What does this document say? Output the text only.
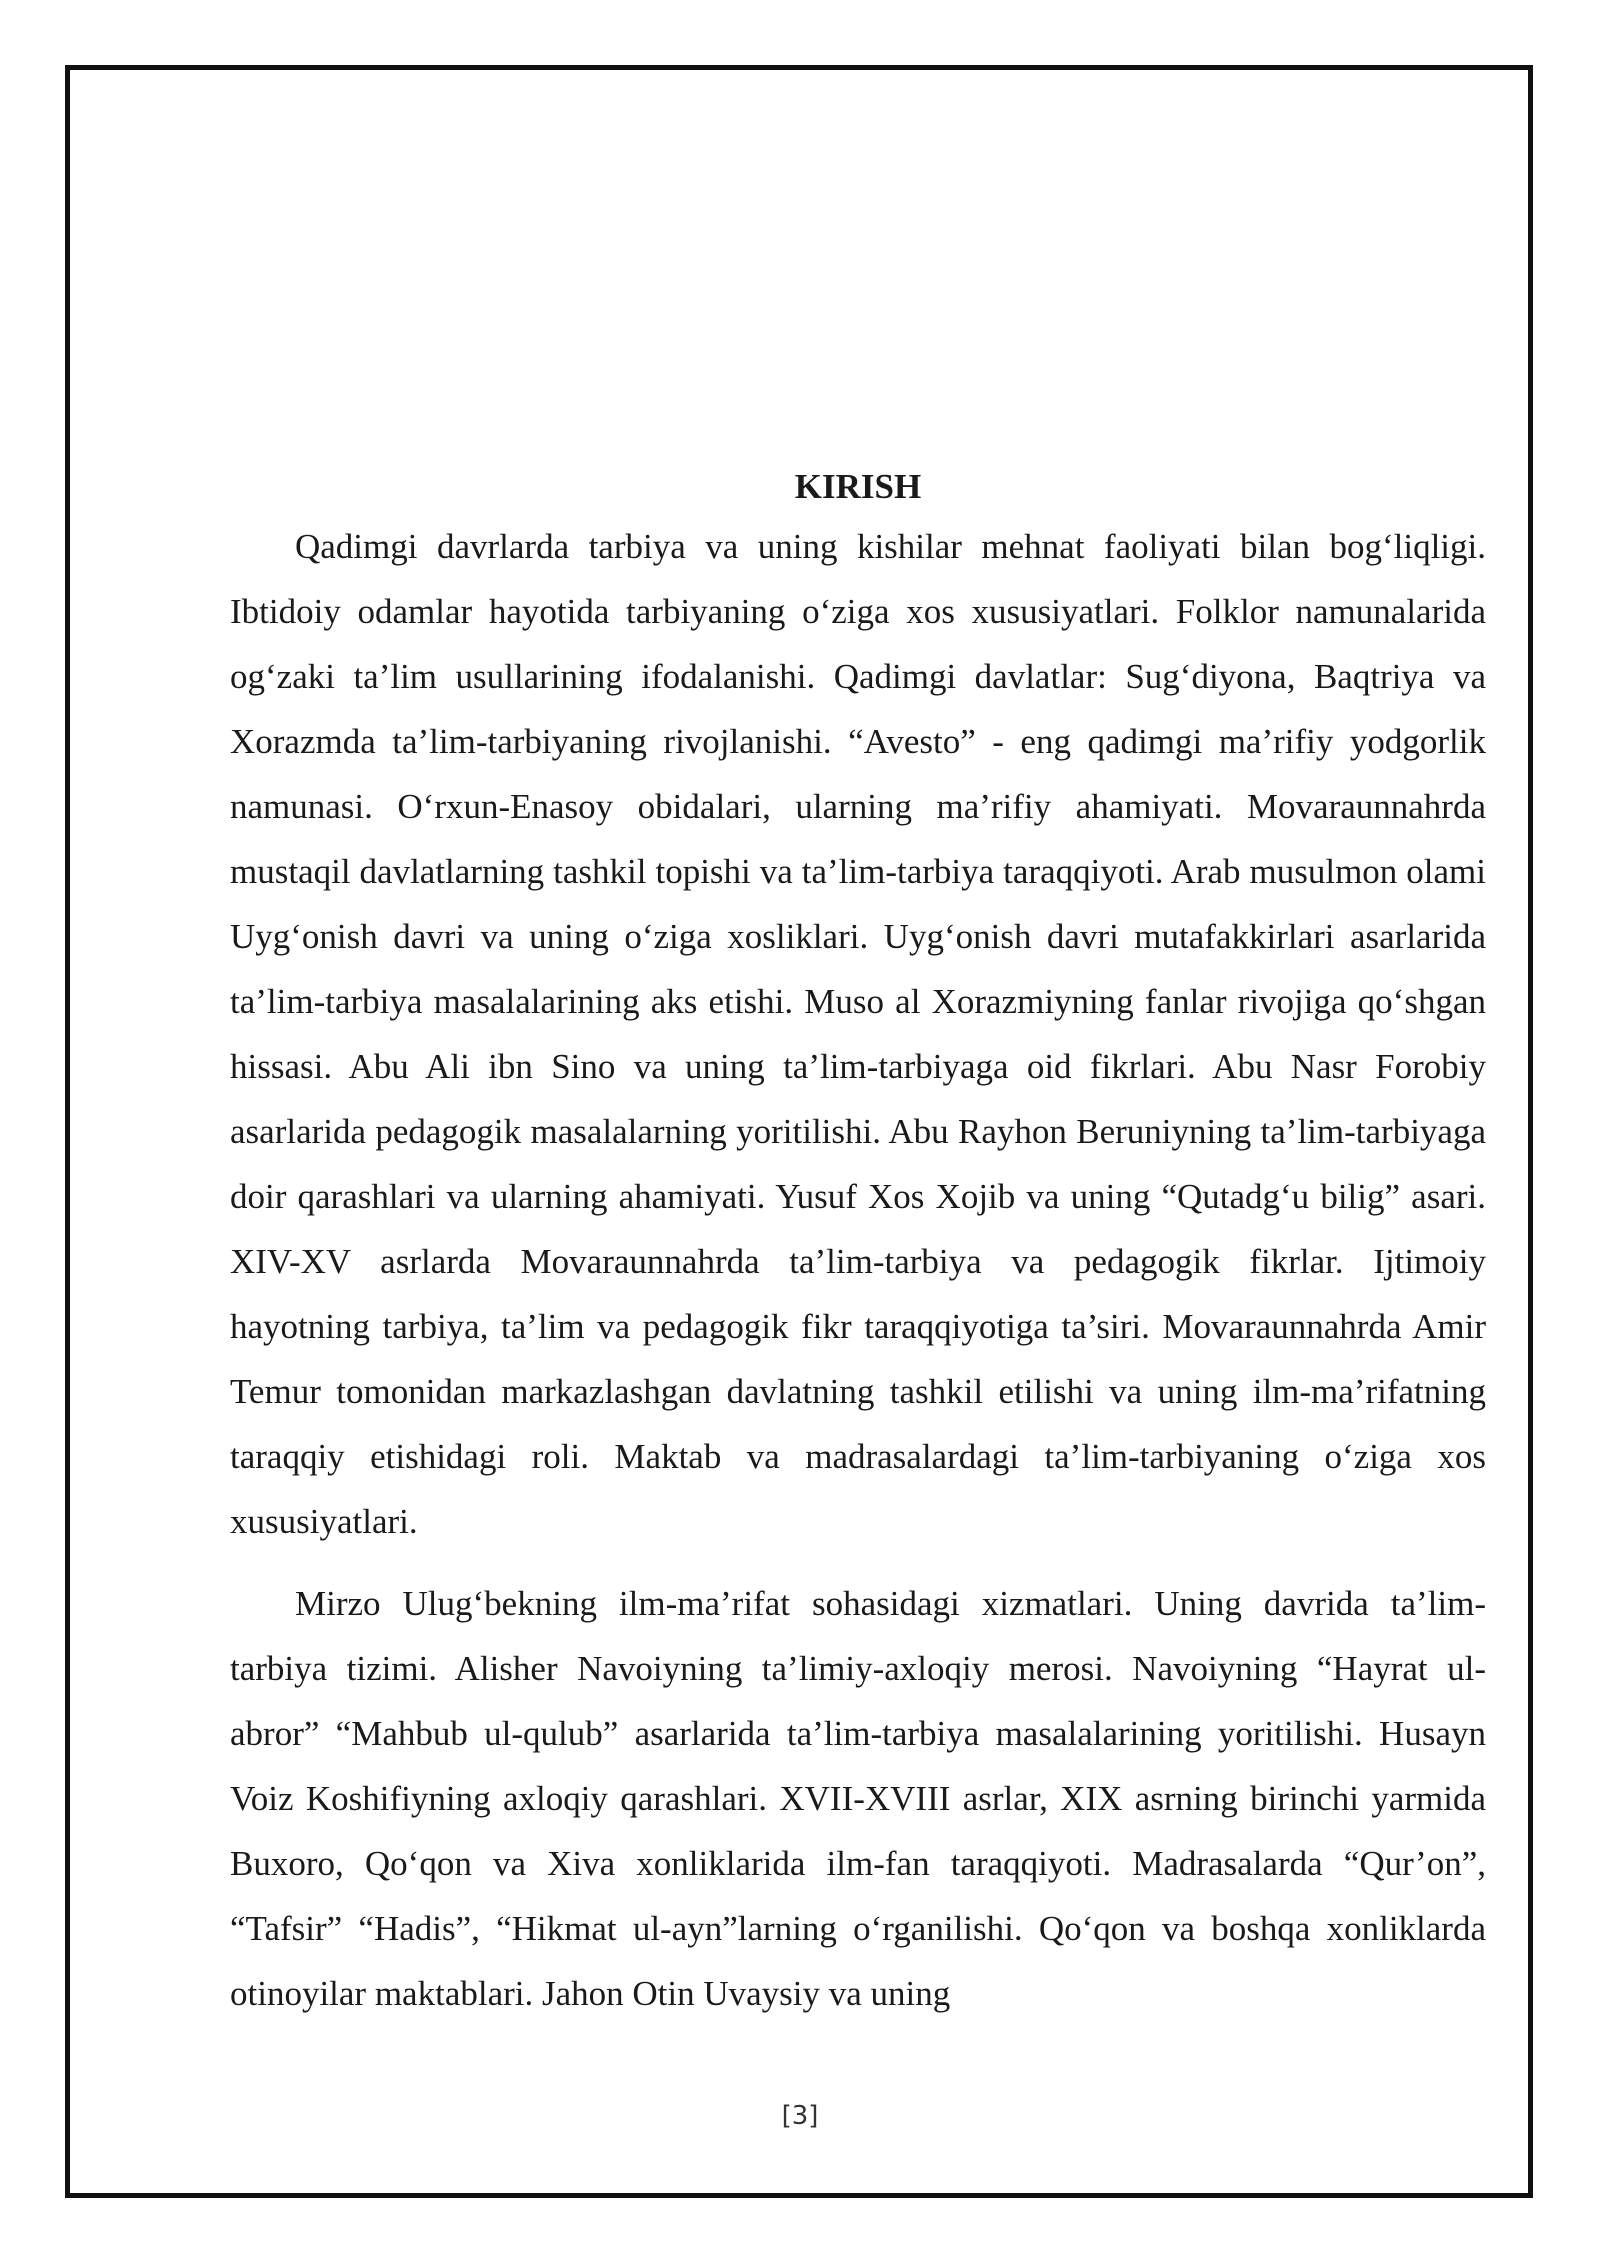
KIRISH

Qadimgi davrlarda tarbiya va uning kishilar mehnat faoliyati bilan bog‘liqligi. Ibtidoiy odamlar hayotida tarbiyaning o‘ziga xos xususiyatlari. Folklor namunalarida og‘zaki ta’lim usullarining ifodalanishi. Qadimgi davlatlar: Sug‘diyona, Baqtriya va Xorazmda ta’lim-tarbiyaning rivojlanishi. “Avesto” - eng qadimgi ma’rifiy yodgorlik namunasi. O‘rxun-Enasoy obidalari, ularning ma’rifiy ahamiyati. Movaraunnahrda mustaqil davlatlarning tashkil topishi va ta’lim-tarbiya taraqqiyoti. Arab musulmon olami Uyg‘onish davri va uning o‘ziga xosliklari. Uyg‘onish davri mutafakkirlari asarlarida ta’lim-tarbiya masalalarining aks etishi. Muso al Xorazmiyning fanlar rivojiga qo‘shgan hissasi. Abu Ali ibn Sino va uning ta’lim-tarbiyaga oid fikrlari. Abu Nasr Forobiy asarlarida pedagogik masalalarning yoritilishi. Abu Rayhon Beruniyning ta’lim-tarbiyaga doir qarashlari va ularning ahamiyati. Yusuf Xos Xojib va uning “Qutadg‘u bilig” asari. XIV-XV asrlarda Movaraunnahrda ta’lim-tarbiya va pedagogik fikrlar. Ijtimoiy hayotning tarbiya, ta’lim va pedagogik fikr taraqqiyotiga ta’siri. Movaraunnahrda Amir Temur tomonidan markazlashgan davlatning tashkil etilishi va uning ilm-ma’rifatning taraqqiy etishidagi roli. Maktab va madrasalardagi ta’lim-tarbiyaning o‘ziga xos xususiyatlari.

Mirzo Ulug‘bekning ilm-ma’rifat sohasidagi xizmatlari. Uning davrida ta’lim-tarbiya tizimi. Alisher Navoiyning ta’limiy-axloqiy merosi. Navoiyning “Hayrat ul-abror” “Mahbub ul-qulub” asarlarida ta’lim-tarbiya masalalarining yoritilishi. Husayn Voiz Koshifiyning axloqiy qarashlari. XVII-XVIII asrlar, XIX asrning birinchi yarmida Buxoro, Qo‘qon va Xiva xonliklarida ilm-fan taraqqiyoti. Madrasalarda “Qur’on”, “Tafsir” “Hadis”, “Hikmat ul-ayn”larning o‘rganilishi. Qo‘qon va boshqa xonliklarda otinoyilar maktablari. Jahon Otin Uvaysiy va uning

[3]
